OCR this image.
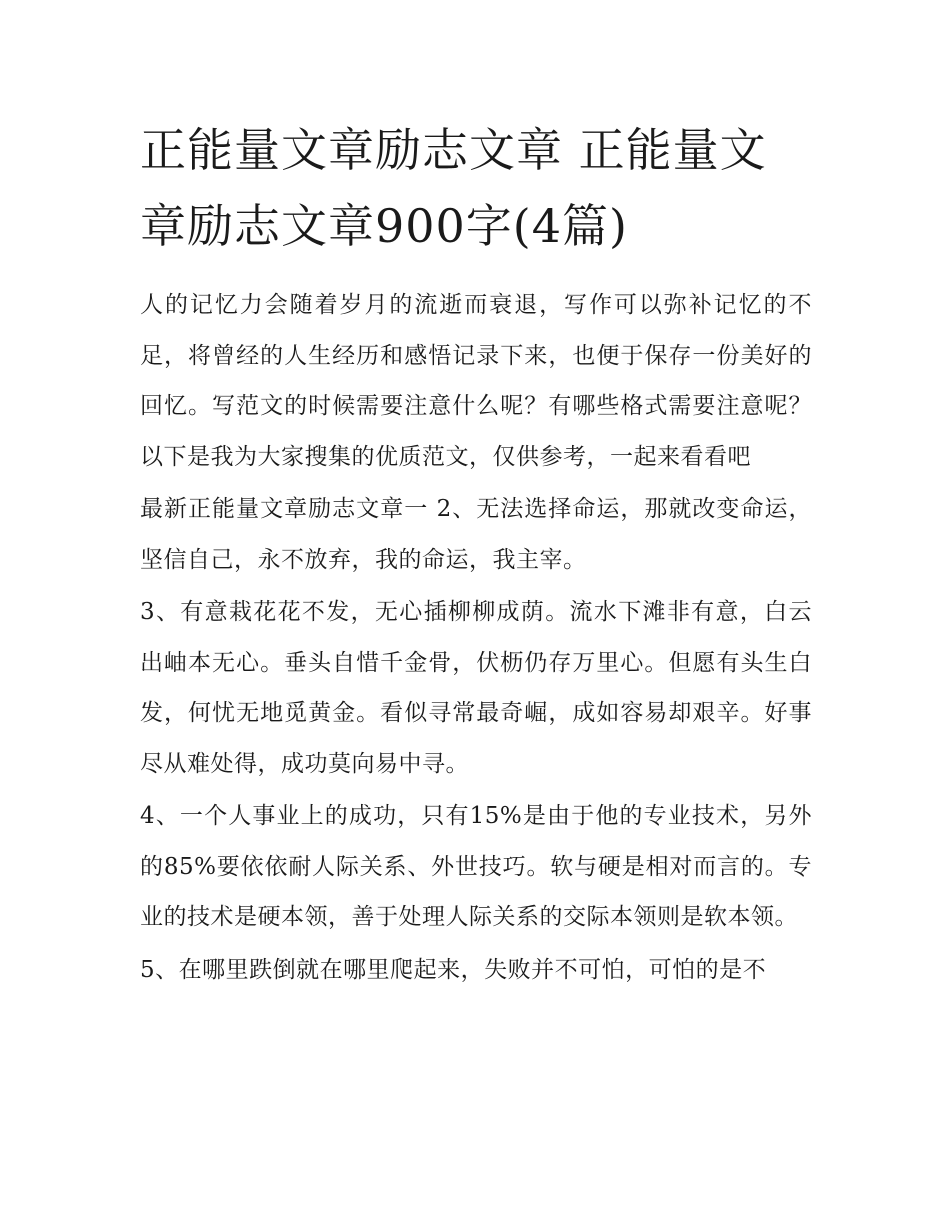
正能量文章励志文章 正能量文章励志文章900字(4篇)

人的记忆力会随着岁月的流逝而衰退，写作可以弥补记忆的不足，将曾经的人生经历和感悟记录下来，也便于保存一份美好的回忆。写范文的时候需要注意什么呢？有哪些格式需要注意呢？以下是我为大家搜集的优质范文，仅供参考，一起来看看吧

最新正能量文章励志文章一 2、无法选择命运，那就改变命运，坚信自己，永不放弃，我的命运，我主宰。

3、有意栽花花不发，无心插柳柳成荫。流水下滩非有意，白云出岫本无心。垂头自惜千金骨，伏枥仍存万里心。但愿有头生白发，何忧无地觅黄金。看似寻常最奇崛，成如容易却艰辛。好事尽从难处得，成功莫向易中寻。

4、一个人事业上的成功，只有15%是由于他的专业技术，另外的85%要依依耐人际关系、外世技巧。软与硬是相对而言的。专业的技术是硬本领，善于处理人际关系的交际本领则是软本领。

5、在哪里跌倒就在哪里爬起来，失败并不可怕，可怕的是不
